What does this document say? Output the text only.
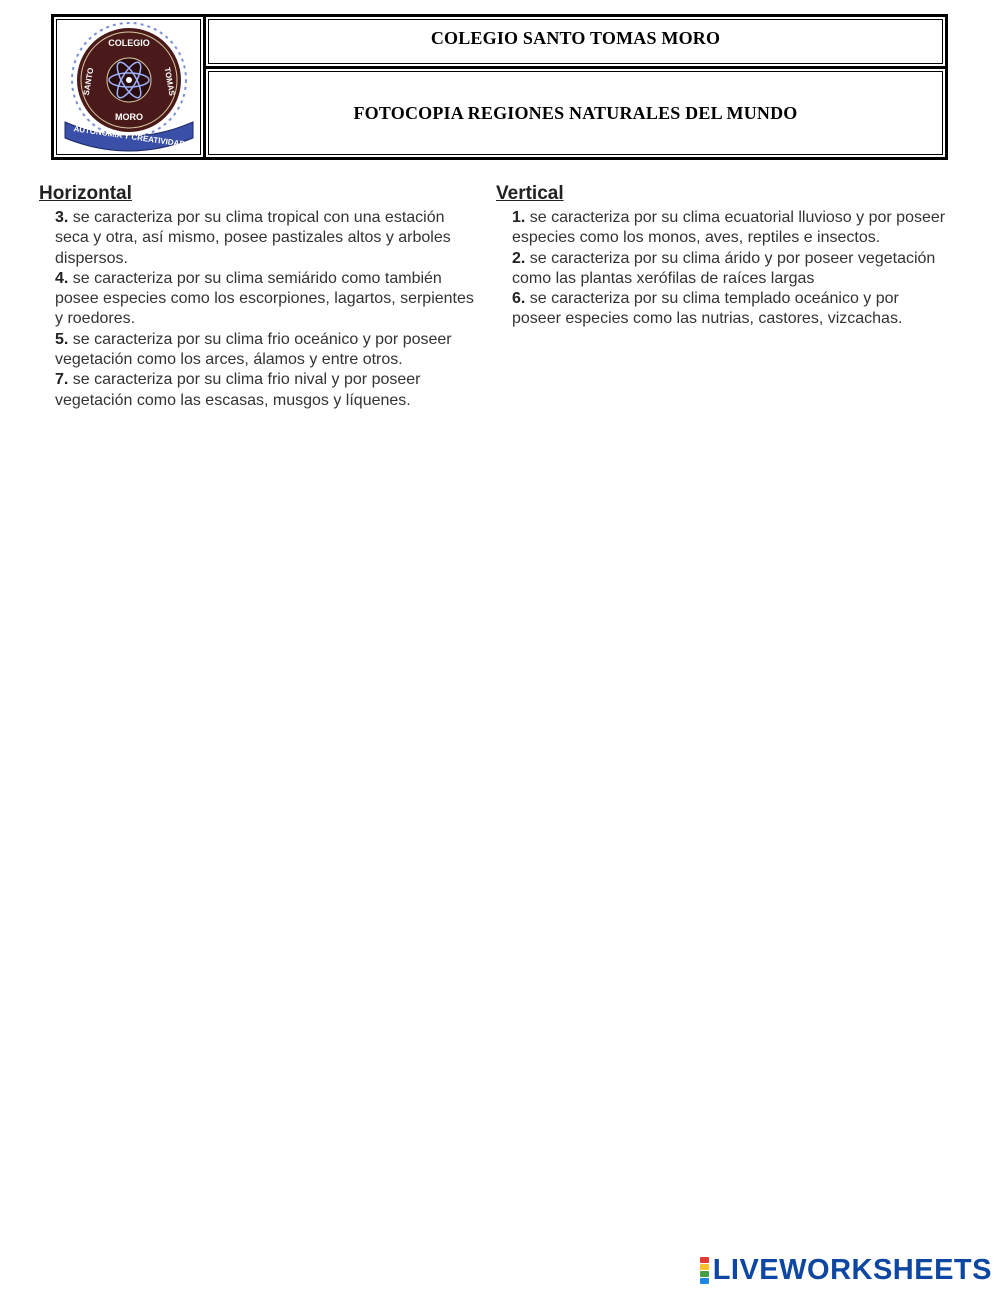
COLEGIO
MORO
SANTO	TOMAS
AUTONOMIA Y CREATIVIDAD
COLEGIO SANTO TOMAS MORO
FOTOCOPIA REGIONES NATURALES DEL MUNDO
Horizontal
3. se caracteriza por su clima tropical con una estación seca y otra, así mismo, posee pastizales altos y arboles dispersos.
4. se caracteriza por su clima semiárido como también posee especies como los escorpiones, lagartos, serpientes y roedores.
5. se caracteriza por su clima frio oceánico y por poseer vegetación como los arces, álamos y entre otros.
7. se caracteriza por su clima frio nival y por poseer vegetación como las escasas, musgos y líquenes.
Vertical
1. se caracteriza por su clima ecuatorial lluvioso y por poseer especies como los monos, aves, reptiles e insectos.
2. se caracteriza por su clima árido y por poseer vegetación como las plantas xerófilas de raíces largas
6. se caracteriza por su clima templado oceánico y por poseer especies como las nutrias, castores, vizcachas.
LIVEWORKSHEETS
